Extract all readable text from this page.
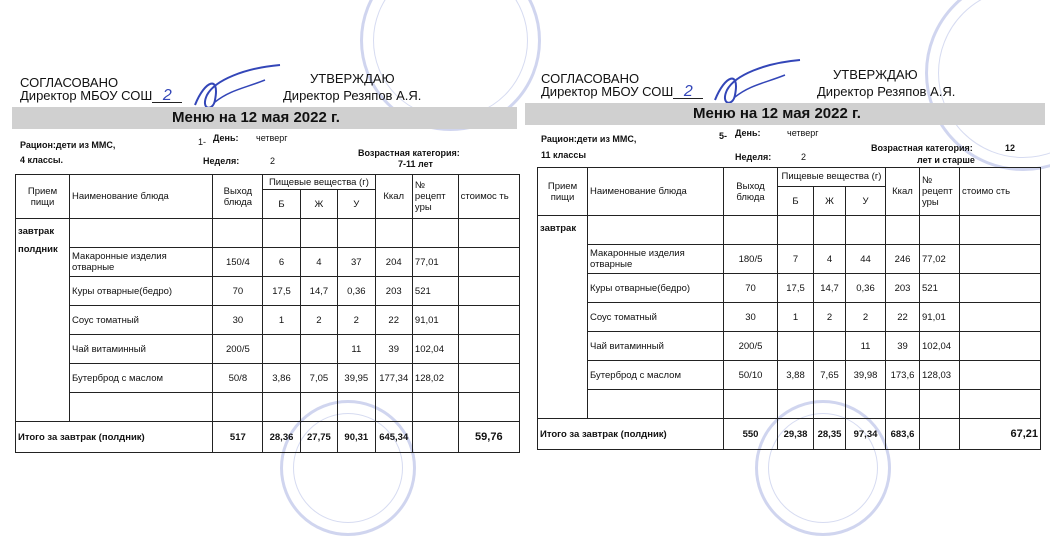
СОГЛАСОВАНО
Директор МБОУ СОШ 2
УТВЕРЖДАЮ
Директор Резяпов А.Я.
Меню на 12 мая 2022 г.
Рацион:дети из ММС,
4 классы.
1- День: четверг
Неделя:	2
Возрастная категория:
7-11 лет
Прием пищи	Наименование блюда	Выход блюда	Пищевые вещества (г)			Ккал	№ рецепт уры	стоимос ть
			Б	Ж	У			
завтрак
полдник								
	Макаронные изделия отварные	150/4	6	4	37	204	77,01	
	Куры отварные(бедро)	70	17,5	14,7	0,36	203	521	
	Соус томатный	30	1	2	2	22	91,01	
	Чай витаминный	200/5			11	39	102,04	
	Бутерброд с маслом	50/8	3,86	7,05	39,95	177,34	128,02	

Итого за завтрак (полдник)		517	28,36	27,75	90,31	645,34		59,76
СОГЛАСОВАНО
Директор МБОУ СОШ 2
УТВЕРЖДАЮ
Директор Резяпов А.Я.
Меню на 12 мая 2022 г.
Рацион:дети из ММС,
11 классы
5- День:	четверг
Неделя:	2
Возрастная категория:	12
лет и старше
Прием пищи	Наименование блюда	Выход блюда	Пищевые вещества (г)			Ккал	№ рецепт уры	стоимо сть
			Б	Ж	У			
завтрак								
	Макаронные изделия отварные	180/5	7	4	44	246	77,02	
	Куры отварные(бедро)	70	17,5	14,7	0,36	203	521	
	Соус томатный	30	1	2	2	22	91,01	
	Чай витаминный	200/5			11	39	102,04	
	Бутерброд с маслом	50/10	3,88	7,65	39,98	173,6	128,03	

Итого за завтрак (полдник)		550	29,38	28,35	97,34	683,6		67,21
